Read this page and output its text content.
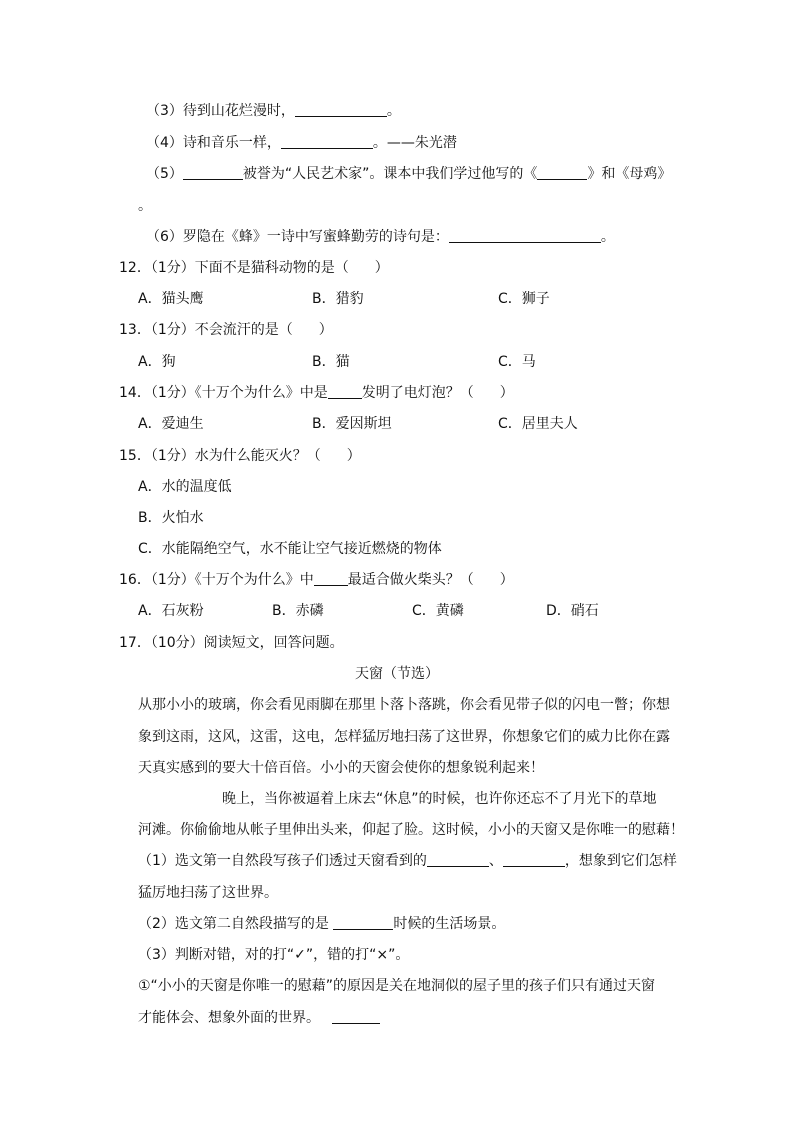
（3）待到山花烂漫时，	。
（4）诗和音乐一样，	。——朱光潜
（5）	被誉为“人民艺术家”。课本中我们学过他写的《	》和《母鸡》
。
（6）罗隐在《蜂》一诗中写蜜蜂勤劳的诗句是：	。
12．（1分）下面不是猫科动物的是（ ）
A．猫头鹰	B．猎豹	C．狮子
13．（1分）不会流汗的是（ ）
A．狗	B．猫	C．马
14．（1分）《十万个为什么》中是 发明了电灯泡？（ ）
A．爱迪生	B．爱因斯坦	C．居里夫人
15．（1分）水为什么能灭火？（ ）
A．水的温度低
B．火怕水
C．水能隔绝空气，水不能让空气接近燃烧的物体
16．（1分）《十万个为什么》中 最适合做火柴头？（ ）
A．石灰粉	B．赤磷	C．黄磷	D．硝石
17．（10分）阅读短文，回答问题。
天窗（节选）
从那小小的玻璃，你会看见雨脚在那里卜落卜落跳，你会看见带子似的闪电一瞥；你想
象到这雨，这风，这雷，这电，怎样猛厉地扫荡了这世界，你想象它们的威力比你在露
天真实感到的要大十倍百倍。小小的天窗会使你的想象锐利起来！
晚上，当你被逼着上床去“休息”的时候，也许你还忘不了月光下的草地
河滩。你偷偷地从帐子里伸出头来，仰起了脸。这时候，小小的天窗又是你唯一的慰藉！
（1）选文第一自然段写孩子们透过天窗看到的	、	，想象到它们怎样
猛厉地扫荡了这世界。
（2）选文第二自然段描写的是	时候的生活场景。
（3）判断对错，对的打“✓”，错的打“×”。
①“小小的天窗是你唯一的慰藉”的原因是关在地洞似的屋子里的孩子们只有通过天窗
才能体会、想象外面的世界。
